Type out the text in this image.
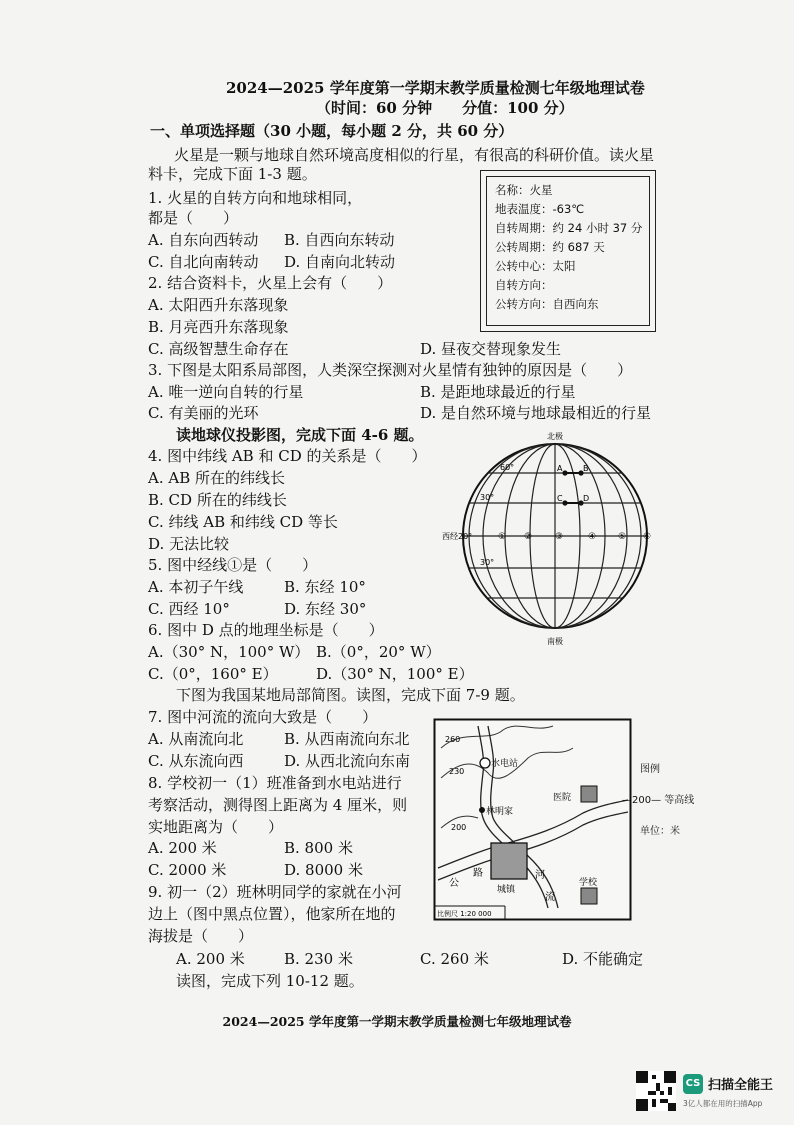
2024—2025 学年度第一学期末教学质量检测七年级地理试卷
（时间：60 分钟　　分值：100 分）
一、单项选择题（30 小题，每小题 2 分，共 60 分）
火星是一颗与地球自然环境高度相似的行星，有很高的科研价值。读火星
料卡，完成下面 1-3 题。
名称：火星
地表温度：-63℃
自转周期：约 24 小时 37 分
公转周期：约 687 天
公转中心：太阳
自转方向：
公转方向：自西向东
1. 火星的自转方向和地球相同，
都是（　　）
A. 自东向西转动 B. 自西向东转动
C. 自北向南转动 D. 自南向北转动
2. 结合资料卡，火星上会有（　　）
A. 太阳西升东落现象
B. 月亮西升东落现象
C. 高级智慧生命存在	D. 昼夜交替现象发生
3. 下图是太阳系局部图，人类深空探测对火星情有独钟的原因是（　　）
A. 唯一逆向自转的行星	B. 是距地球最近的行星
C. 有美丽的光环	D. 是自然环境与地球最相近的行星
读地球仪投影图，完成下面 4-6 题。
4. 图中纬线 AB 和 CD 的关系是（　　）
A. AB 所在的纬线长
B. CD 所在的纬线长
C. 纬线 AB 和纬线 CD 等长
D. 无法比较
5. 图中经线①是（　　）
A. 本初子午线	B. 东经 10°
C. 西经 10°	D. 东经 30°
6. 图中 D 点的地理坐标是（　　）
A.（30° N，100° W） B.（0°，20° W）
C.（0°，160° E）	D.（30° N，100° E）
北极
南极
60°
30°
30°
西经20°
A	B
C	D
① ②	③	④ ⑤ ⑥
下图为我国某地局部简图。读图，完成下面 7-9 题。
7. 图中河流的流向大致是（　　）
A. 从南流向北	B. 从西南流向东北
C. 从东流向西	D. 从西北流向东南
8. 学校初一（1）班准备到水电站进行
考察活动，测得图上距离为 4 厘米，则
实地距离为（　　）
A. 200 米	B. 800 米
C. 2000 米	D. 8000 米
9. 初一（2）班林明同学的家就在小河
边上（图中黑点位置），他家所在地的
海拔是（　　）
A. 200 米	B. 230 米	C. 260 米	D. 不能确定
读图，完成下列 10-12 题。
260
230
200
水电站
林明家
医院
城镇
学校
公
路	河
流
比例尺 1:20 000
图例
—200— 等高线
单位：米
2024—2025 学年度第一学期末教学质量检测七年级地理试卷
CS 扫描全能王
3亿人都在用的扫描App
